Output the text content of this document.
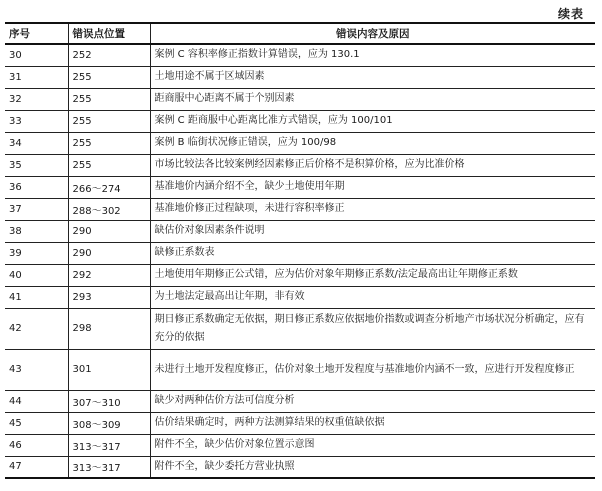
续表
序号	错误点位置	错误内容及原因
30	252	案例 C 容积率修正指数计算错误，应为 130.1
31	255	土地用途不属于区域因素
32	255	距商服中心距离不属于个别因素
33	255	案例 C 距商服中心距离比准方式错误，应为 100/101
34	255	案例 B 临街状况修正错误，应为 100/98
35	255	市场比较法各比较案例经因素修正后价格不是积算价格，应为比准价格
36	266～274	基准地价内涵介绍不全，缺少土地使用年期
37	288～302	基准地价修正过程缺项，未进行容积率修正
38	290	缺估价对象因素条件说明
39	290	缺修正系数表
40	292	土地使用年期修正公式错，应为估价对象年期修正系数/法定最高出让年期修正系数
41	293	为土地法定最高出让年期，非有效
42	298	期日修正系数确定无依据，期日修正系数应依据地价指数或调查分析地产市场状况分析确定，应有充分的依据
43	301	未进行土地开发程度修正，估价对象土地开发程度与基准地价内涵不一致，应进行开发程度修正
44	307～310	缺少对两种估价方法可信度分析
45	308～309	估价结果确定时，两种方法测算结果的权重值缺依据
46	313～317	附件不全，缺少估价对象位置示意图
47	313～317	附件不全，缺少委托方营业执照
